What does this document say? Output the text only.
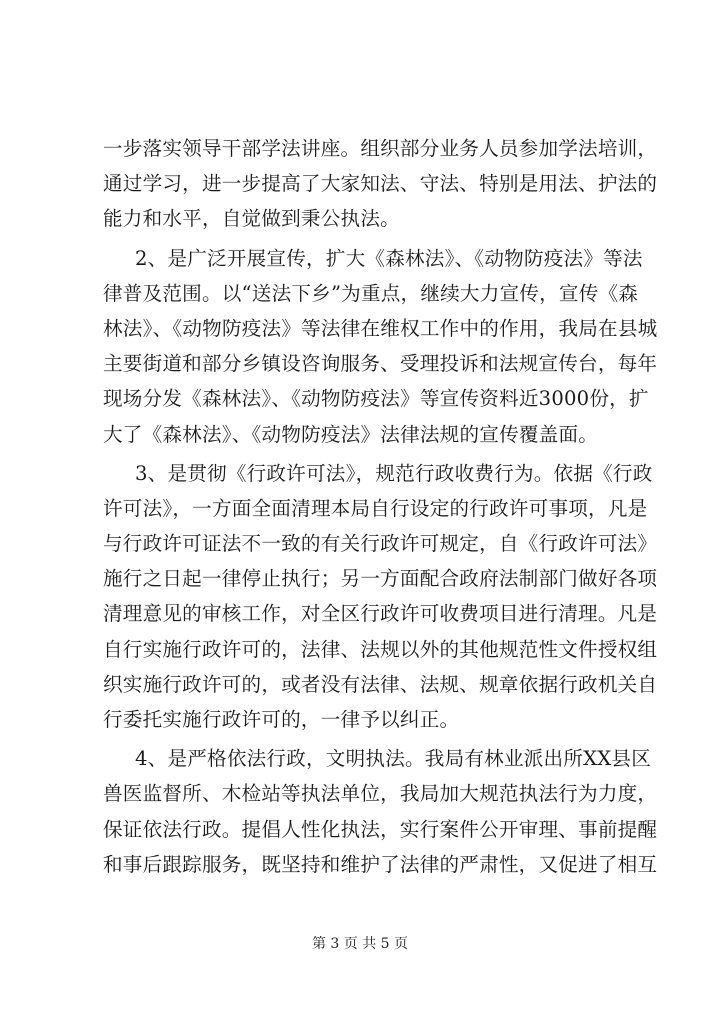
一步落实领导干部学法讲座。组织部分业务人员参加学法培训，
通过学习，进一步提高了大家知法、守法、特别是用法、护法的
能力和水平，自觉做到秉公执法。
2、是广泛开展宣传，扩大《森林法》、《动物防疫法》等法
律普及范围。以“送法下乡”为重点，继续大力宣传，宣传《森
林法》、《动物防疫法》等法律在维权工作中的作用，我局在县城
主要街道和部分乡镇设咨询服务、受理投诉和法规宣传台，每年
现场分发《森林法》、《动物防疫法》等宣传资料近3000份，扩
大了《森林法》、《动物防疫法》法律法规的宣传覆盖面。
3、是贯彻《行政许可法》，规范行政收费行为。依据《行政
许可法》，一方面全面清理本局自行设定的行政许可事项，凡是
与行政许可证法不一致的有关行政许可规定，自《行政许可法》
施行之日起一律停止执行；另一方面配合政府法制部门做好各项
清理意见的审核工作，对全区行政许可收费项目进行清理。凡是
自行实施行政许可的，法律、法规以外的其他规范性文件授权组
织实施行政许可的，或者没有法律、法规、规章依据行政机关自
行委托实施行政许可的，一律予以纠正。
4、是严格依法行政，文明执法。我局有林业派出所XX县区
兽医监督所、木检站等执法单位，我局加大规范执法行为力度，
保证依法行政。提倡人性化执法，实行案件公开审理、事前提醒
和事后跟踪服务，既坚持和维护了法律的严肃性，又促进了相互
第 3 页 共 5 页
